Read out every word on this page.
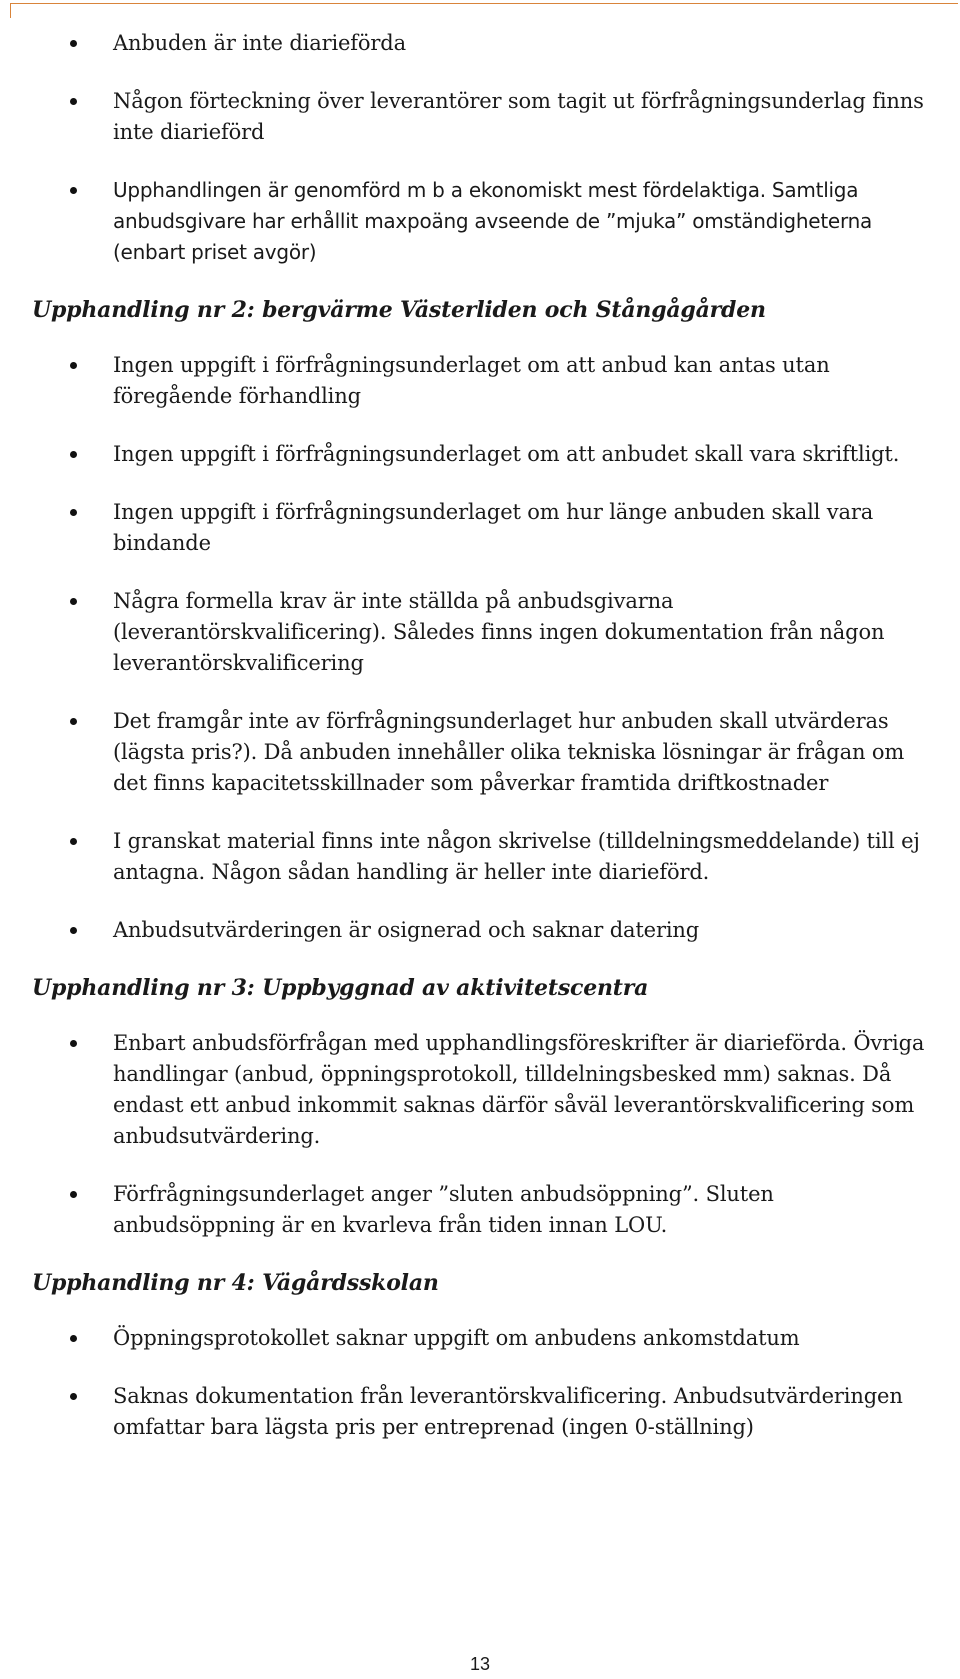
Anbuden är inte diarieförda
Någon förteckning över leverantörer som tagit ut förfrågningsunderlag finns inte diarieförd
Upphandlingen är genomförd m b a ekonomiskt mest fördelaktiga. Samtliga anbudsgivare har erhållit maxpoäng avseende de ”mjuka” omständigheterna (enbart priset avgör)
Upphandling nr 2: bergvärme Västerliden och Stångågården
Ingen uppgift i förfrågningsunderlaget om att anbud kan antas utan föregående förhandling
Ingen uppgift i förfrågningsunderlaget om att anbudet skall vara skriftligt.
Ingen uppgift i förfrågningsunderlaget om hur länge anbuden skall vara bindande
Några formella krav är inte ställda på anbudsgivarna (leverantörskvalificering). Således finns ingen dokumentation från någon leverantörskvalificering
Det framgår inte av förfrågningsunderlaget hur anbuden skall utvärderas (lägsta pris?). Då anbuden innehåller olika tekniska lösningar är frågan om det finns kapacitetsskillnader som påverkar framtida driftkostnader
I granskat material finns inte någon skrivelse (tilldelningsmeddelande) till ej antagna. Någon sådan handling är heller inte diarieförd.
Anbudsutvärderingen är osignerad och saknar datering
Upphandling nr 3: Uppbyggnad av aktivitetscentra
Enbart anbudsförfrågan med upphandlingsföreskrifter är diarieförda. Övriga handlingar (anbud, öppningsprotokoll, tilldelningsbesked mm) saknas. Då endast ett anbud inkommit saknas därför såväl leverantörskvalificering som anbudsutvärdering.
Förfrågningsunderlaget anger ”sluten anbudsöppning”. Sluten anbudsöppning är en kvarleva från tiden innan LOU.
Upphandling nr 4: Vägårdsskolan
Öppningsprotokollet saknar uppgift om anbudens ankomstdatum
Saknas dokumentation från leverantörskvalificering. Anbudsutvärderingen omfattar bara lägsta pris per entreprenad (ingen 0-ställning)
13
